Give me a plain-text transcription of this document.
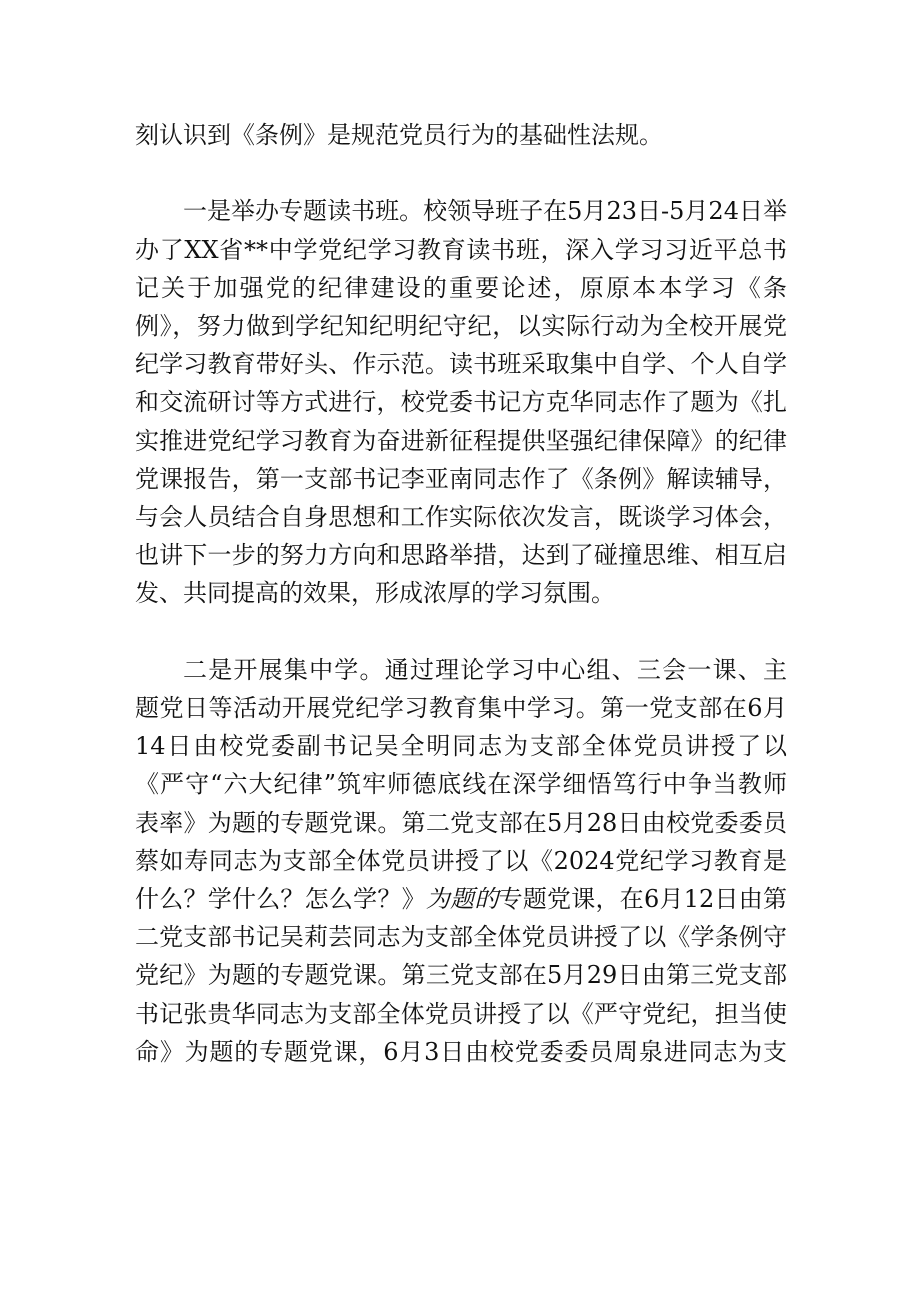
刻认识到《条例》是规范党员行为的基础性法规。
一是举办专题读书班。校领导班子在5月23日-5月24日举
办了XX省**中学党纪学习教育读书班，深入学习习近平总书
记关于加强党的纪律建设的重要论述，原原本本学习《条
例》，努力做到学纪知纪明纪守纪，以实际行动为全校开展党
纪学习教育带好头、作示范。读书班采取集中自学、个人自学
和交流研讨等方式进行，校党委书记方克华同志作了题为《扎
实推进党纪学习教育为奋进新征程提供坚强纪律保障》的纪律
党课报告，第一支部书记李亚南同志作了《条例》解读辅导，
与会人员结合自身思想和工作实际依次发言，既谈学习体会，
也讲下一步的努力方向和思路举措，达到了碰撞思维、相互启
发、共同提高的效果，形成浓厚的学习氛围。
二是开展集中学。通过理论学习中心组、三会一课、主
题党日等活动开展党纪学习教育集中学习。第一党支部在6月
14日由校党委副书记吴全明同志为支部全体党员讲授了以
《严守“六大纪律”筑牢师德底线在深学细悟笃行中争当教师
表率》为题的专题党课。第二党支部在5月28日由校党委委员
蔡如寿同志为支部全体党员讲授了以《2024党纪学习教育是
什么？学什么？怎么学？》为题的专题党课，在6月12日由第
二党支部书记吴莉芸同志为支部全体党员讲授了以《学条例守
党纪》为题的专题党课。第三党支部在5月29日由第三党支部
书记张贵华同志为支部全体党员讲授了以《严守党纪，担当使
命》为题的专题党课，6月3日由校党委委员周泉进同志为支
